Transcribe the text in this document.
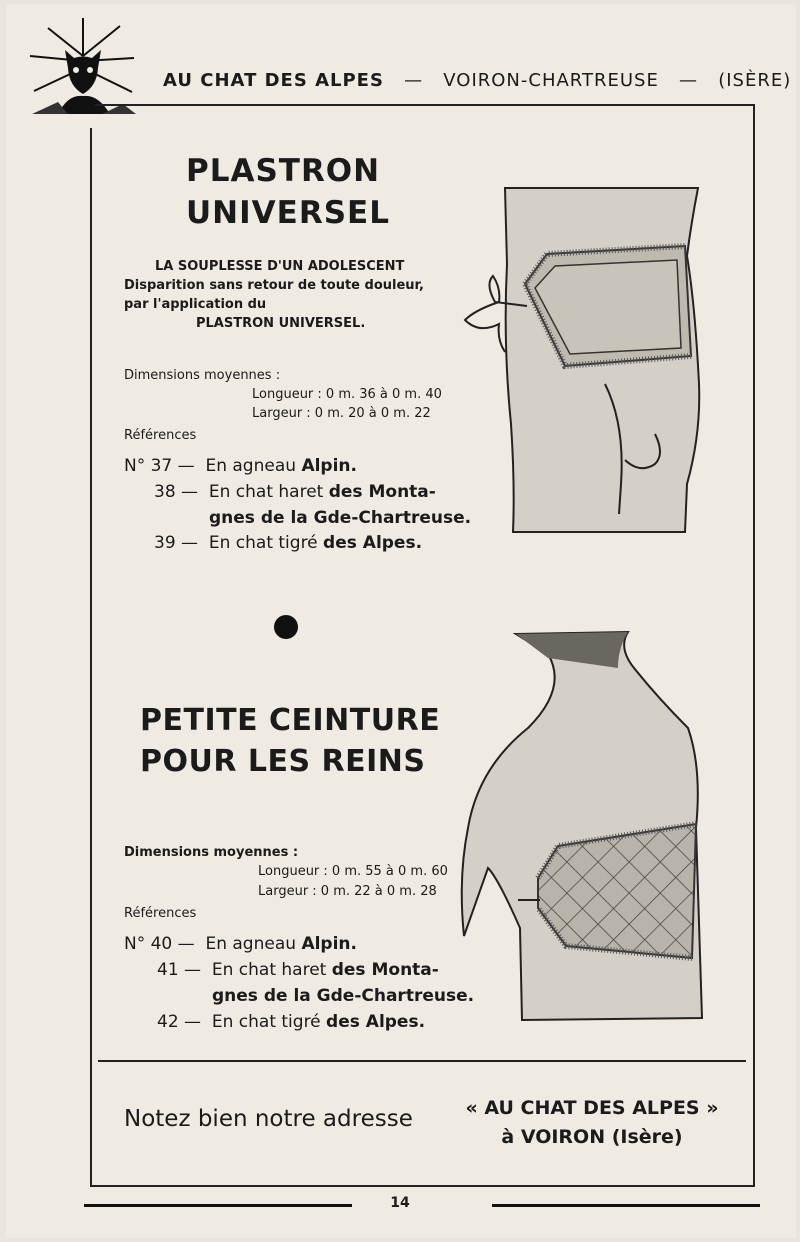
AU CHAT DES ALPES — VOIRON-CHARTREUSE — (ISÈRE)
PLASTRON
UNIVERSEL
LA SOUPLESSE D'UN ADOLESCENT
Disparition sans retour de toute douleur,
par l'application du
PLASTRON UNIVERSEL.
Dimensions moyennes :
Longueur : 0 m. 36 à 0 m. 40
Largeur : 0 m. 20 à 0 m. 22
Références
N° 37 — En agneau Alpin.
38 — En chat haret des Monta-
gnes de la Gde-Chartreuse.
39 — En chat tigré des Alpes.
PETITE CEINTURE
POUR LES REINS
Dimensions moyennes :
Longueur : 0 m. 55 à 0 m. 60
Largeur : 0 m. 22 à 0 m. 28
Références
N° 40 — En agneau Alpin.
41 — En chat haret des Monta-
gnes de la Gde-Chartreuse.
42 — En chat tigré des Alpes.
Notez bien notre adresse	« AU CHAT DES ALPES »
à VOIRON (Isère)
14
